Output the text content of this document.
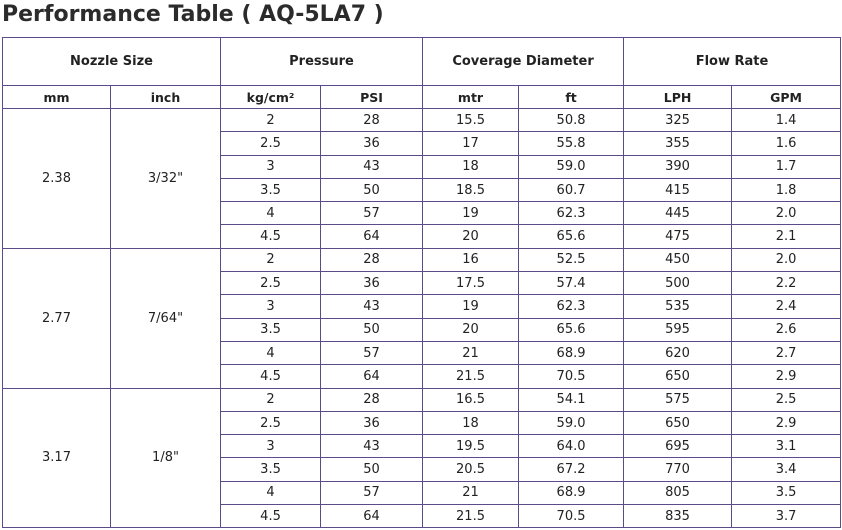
Performance Table ( AQ-5LA7 )
Nozzle Size		Pressure		Coverage Diameter		Flow Rate	
mm	inch	kg/cm²	PSI	mtr	ft	LPH	GPM
2.38	3/32"	2	28	15.5	50.8	325	1.4
		2.5	36	17	55.8	355	1.6
		3	43	18	59.0	390	1.7
		3.5	50	18.5	60.7	415	1.8
		4	57	19	62.3	445	2.0
		4.5	64	20	65.6	475	2.1
2.77	7/64"	2	28	16	52.5	450	2.0
		2.5	36	17.5	57.4	500	2.2
		3	43	19	62.3	535	2.4
		3.5	50	20	65.6	595	2.6
		4	57	21	68.9	620	2.7
		4.5	64	21.5	70.5	650	2.9
3.17	1/8"	2	28	16.5	54.1	575	2.5
		2.5	36	18	59.0	650	2.9
		3	43	19.5	64.0	695	3.1
		3.5	50	20.5	67.2	770	3.4
		4	57	21	68.9	805	3.5
		4.5	64	21.5	70.5	835	3.7
